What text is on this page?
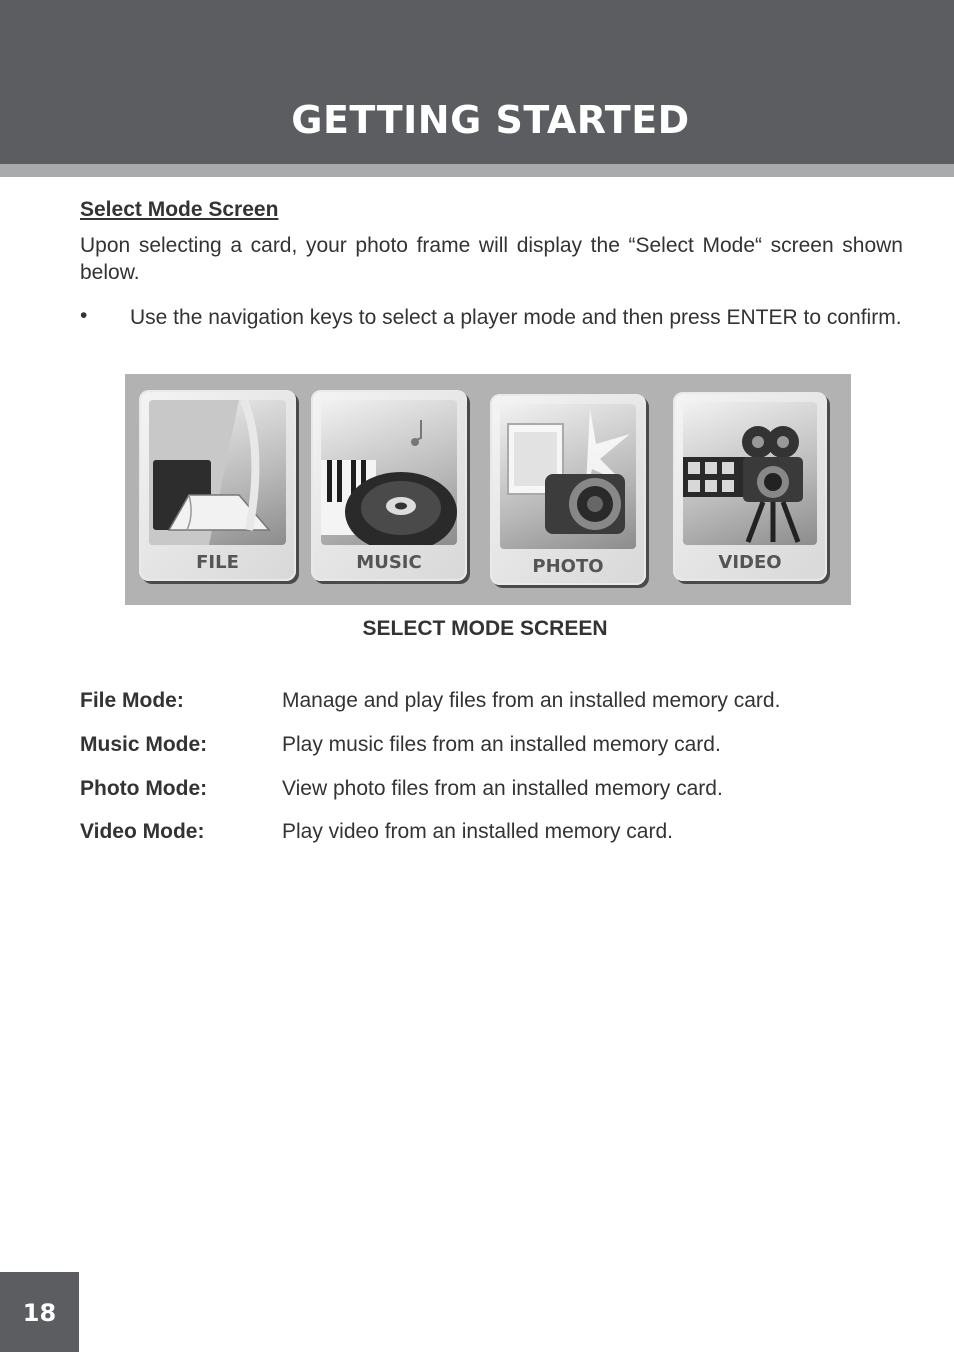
GETTING STARTED
Select Mode Screen
Upon selecting a card, your photo frame will display the “Select Mode“ screen shown below.
• Use the navigation keys to select a player mode and then press ENTER to confirm.
FILE	MUSIC	PHOTO	VIDEO
SELECT MODE SCREEN
File Mode:	Manage and play files from an installed memory card.
Music Mode:	Play music files from an installed memory card.
Photo Mode:	View photo files from an installed memory card.
Video Mode:	Play video from an installed memory card.
18
